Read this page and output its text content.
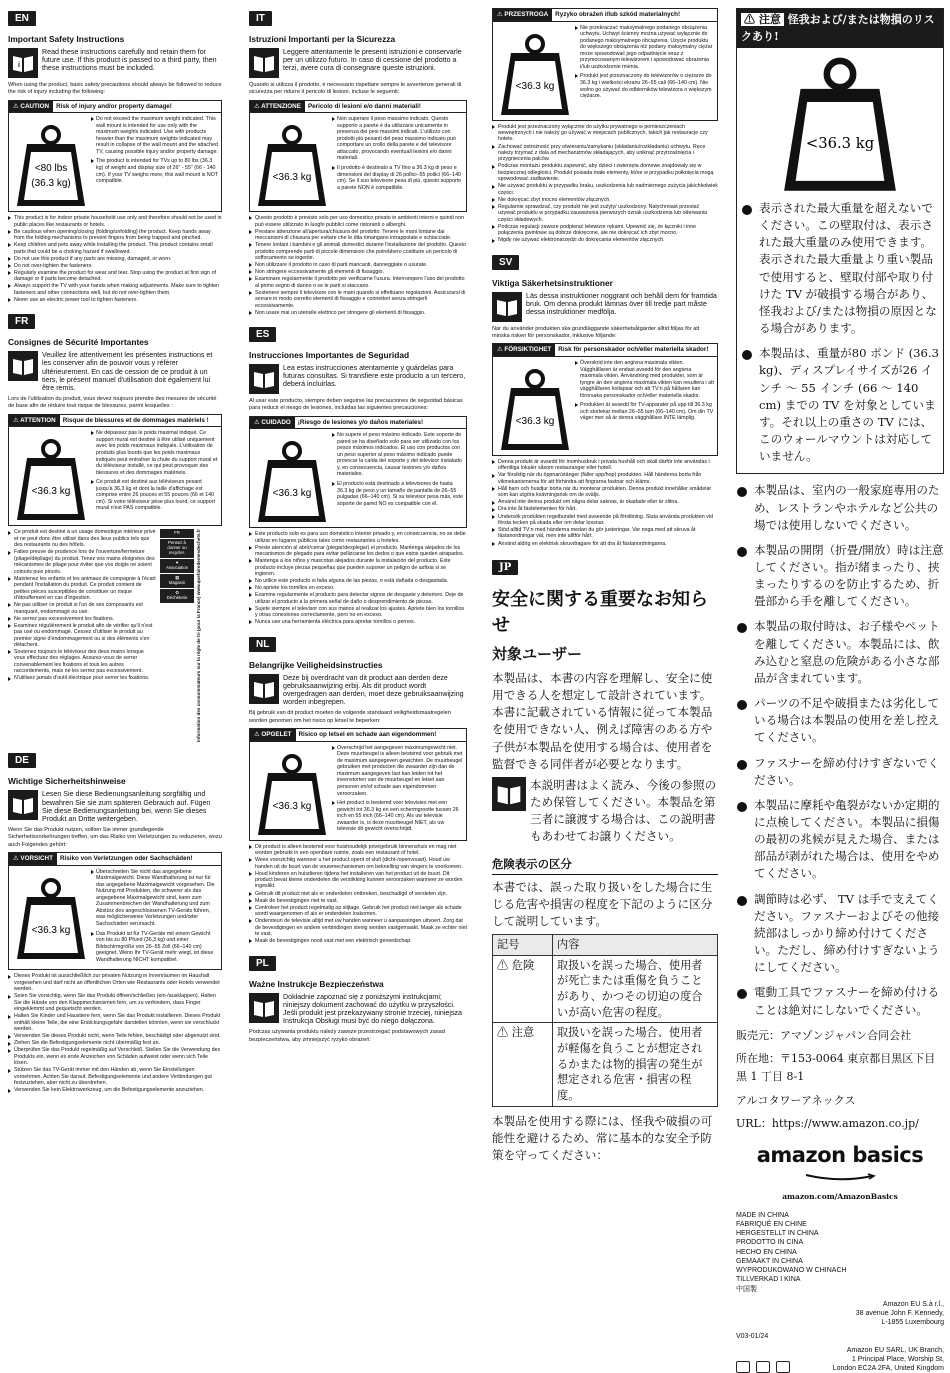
EN
Important Safety Instructions
i
Read these instructions carefully and retain them for future use. If this product is passed to a third party, then these instructions must be included.
When using the product, basic safety precautions should always be followed to reduce the risk of injury including the following:
⚠ CAUTION	Risk of injury and/or property damage!
<80 lbs
(36.3 kg)

Do not exceed the maximum weight indicated. This wall mount is intended for use only with the maximum weights indicated. Use with products heavier than the maximum weights indicated may result in collapse of the wall mount and the attached TV, causing possible injury and/or property damage.

The product is intended for TVs up to 80 lbs (36.3 kg) of weight and display size of 26" - 55" (66 - 140 cm). If your TV weighs more, this wall mount is NOT compatible.

This product is for indoor private household use only and therefore should not be used in public places like restaurants or hotels.
Be cautious when opening/closing (folding/unfolding) the product. Keep hands away from the folding mechanisms to prevent fingers from being trapped and pinched.
Keep children and pets away while installing the product. This product contains small parts that could be a choking hazard if swallowed.
Do not use this product if any parts are missing, damaged, or worn.
Do not over-tighten the fasteners.
Regularly examine the product for wear and tear. Stop using the product at first sign of damage or if parts become detached.
Always support the TV with your hands when making adjustments. Make sure to tighten fasteners and other connections well, but do not over-tighten them.
Never use an electric power tool to tighten fasteners.
FR
Consignes de Sécurité Importantes
Veuillez lire attentivement les présentes instructions et les conserver afin de pouvoir vous y référer ultérieurement. En cas de cession de ce produit à un tiers, le présent manuel d'utilisation doit également lui être remis.
Lors de l'utilisation du produit, vous devez toujours prendre des mesures de sécurité de base afin de réduire tout risque de blessures, parmi lesquelles :
⚠ ATTENTION	Risque de blessures et de dommages matériels !
<36.3 kg

Ne dépassez pas le poids maximal indiqué. Ce support mural est destiné à être utilisé uniquement avec les poids maximaux indiqués. L'utilisation de produits plus lourds que les poids maximaux indiqués peut entraîner la chute du support mural et du téléviseur installé, ce qui peut provoquer des blessures et des dommages matériels.

Ce produit est destiné aux téléviseurs pesant jusqu'à 36,3 kg et dont la taille d'affichage est comprise entre 26 pouces et 55 pouces (66 et 140 cm). Si votre téléviseur pèse plus lourd, ce support mural n'est PAS compatible.

Ce produit est destiné à un usage domestique intérieur privé et ne peut donc être utilisé dans des lieux publics tels que des restaurants ou des hôtels.
Faites preuve de prudence lors de l'ouverture/fermeture (pliage/dépliage) du produit. Tenez vos mains éloignées des mécanismes de pliage pour éviter que vos doigts ne soient coincés puis pincés.
Maintenez les enfants et les animaux de compagnie à l'écart pendant l'installation du produit. Ce produit contient de petites pièces susceptibles de constituer un risque d'étouffement en cas d'ingestion.
Ne pas utiliser ce produit si l'un de ses composants est manquant, endommagé ou usé.
Ne serrez pas excessivement les fixations.
Examinez régulièrement le produit afin de vérifier qu'il n'est pas usé ou endommagé. Cessez d'utiliser le produit au premier signe d'endommagement ou si des éléments s'en détachent.
Soutenez toujours le téléviseur des deux mains lorsque vous effectuez des réglages. Assurez-vous de serrer convenablement les fixations et tous les autres raccordements, mais ne les serrez pas excessivement.
N'utilisez jamais d'outil électrique pour serrer les fixations.
FR
Pensez à donner ou recycler.
♥
Association
▦
Magasin
♻
Déchèterie	Information des consommateurs sur la règle de tri (pour la France) www.quefairedemesdechets.fr
DE
Wichtige Sicherheitshinweise
Lesen Sie diese Bedienungsanleitung sorgfältig und bewahren Sie sie zum späteren Gebrauch auf. Fügen Sie diese Bedienungsanleitung bei, wenn Sie dieses Produkt an Dritte weitergeben.
Wenn Sie das Produkt nutzen, sollten Sie immer grundlegende Sicherheitsvorkehrungen treffen, um das Risiko von Verletzungen zu reduzieren, wozu auch Folgendes gehört:
⚠ VORSICHT	Risiko von Verletzungen oder Sachschäden!
<36.3 kg

Überschreiten Sie nicht das angegebene Maximalgewicht. Diese Wandhalterung ist nur für das angegebene Maximalgewicht vorgesehen. Die Nutzung mit Produkten, die schwerer als das angegebene Maximalgewicht sind, kann zum Zusammenbrechen der Wandhalterung und zum Abstürz des angeschlossenen TV-Geräts führen, was möglicherweise Verletzungen und/oder Sachschäden verursacht.

Das Produkt ist für TV-Geräte mit einem Gewicht von bis zu 80 Pfund (36,3 kg) und einer Bildschirmgröße von 26–55 Zoll (66–140 cm) geeignet. Wenn Ihr TV-Gerät mehr wiegt, ist diese Wandhalterung NICHT kompatibel.

Dieses Produkt ist ausschließlich zur privaten Nutzung in Innenräumen im Haushalt vorgesehen und darf nicht an öffentlichen Orten wie Restaurants oder Hotels verwendet werden.
Seien Sie vorsichtig, wenn Sie das Produkt öffnen/schließen (ein-/ausklappen). Halten Sie die Hände von den Klappmechanismen fern, um zu verhindern, dass Finger eingeklemmt und gequetscht werden.
Halten Sie Kinder und Haustiere fern, wenn Sie das Produkt installieren. Dieses Produkt enthält kleine Teile, die eine Erstickungsgefahr darstellen könnten, wenn sie verschluckt werden.
Verwenden Sie dieses Produkt nicht, wenn Teile fehlen, beschädigt oder abgenutzt sind.
Ziehen Sie die Befestigungselemente nicht übermäßig fest an.
Überprüfen Sie das Produkt regelmäßig auf Verschleiß. Stellen Sie die Verwendung des Produkts ein, wenn es erste Anzeichen von Schäden aufweist oder wenn sich Teile lösen.
Stützen Sie das TV-Gerät immer mit den Händen ab, wenn Sie Einstellungen vornehmen. Achten Sie darauf, Befestigungselemente und andere Verbindungen gut festzuziehen, aber nicht zu überdrehen.
Verwenden Sie kein Elektrowerkzeug, um die Befestigungselemente anzuziehen.
IT
Istruzioni Importanti per la Sicurezza
Leggere attentamente le presenti istruzioni e conservarle per un utilizzo futuro. In caso di cessione del prodotto a terzi, avere cura di consegnare queste istruzioni.
Quando si utilizza il prodotto, è necessario rispettare sempre le avvertenze generali di sicurezza per ridurre il pericolo di lesioni, incluse le seguenti:
⚠ ATTENZIONE	Pericolo di lesioni e/o danni materiali!
<36.3 kg

Non superare il peso massimo indicato. Questo supporto a parete è da utilizzarsi unicamente in presenza dei pesi massimi indicati. L'utilizzo con prodotti più pesanti del peso massimo indicato può comportare un crollo della parete e del televisore attaccato, provocando eventuali lesioni e/o danni materiali.

Il prodotto è destinato a TV fino a 36.3 kg di peso e dimensioni del display di 26 pollici–55 pollici (66–140 cm). Se il suo televisore pesa di più, questo supporto a parete NON è compatibile.

Questo prodotto è previsto solo per uso domestico privato in ambienti interni e quindi non può essere utilizzato in luoghi pubblici come ristoranti o alberghi.
Prestare attenzione all'apertura/chiusura del prodotto. Tenere le mani lontane dai meccanismi di chiusura per evitare che le dita rimangano intrappolate e schiacciate.
Tenere lontani i bambini e gli animali domestici durante l'installazione del prodotto. Questo prodotto comprende parti di piccole dimensioni che potrebbero costituire un pericolo di soffocamento se ingerite.
Non utilizzare il prodotto in caso di parti mancanti, danneggiate o usurate.
Non stringere eccessivamente gli elementi di fissaggio.
Esaminare regolarmente il prodotto per verificarne l'usura. Interrompere l'uso del prodotto al primo segno di danno o se le parti si staccano.
Sostenere sempre il televisore con le mani quando si effettuano regolazioni. Assicurarsi di serrare in modo corretto elementi di fissaggio e connettori senza stringerli eccessivamente.
Non usare mai un utensile elettrico per stringere gli elementi di fissaggio.
ES
Instrucciones Importantes de Seguridad
Lea estas instrucciones atentamente y guárdelas para futuras consultas. Si transfiere este producto a un tercero, deberá incluirlas.
Al usar este producto, siempre deben seguirse las precauciones de seguridad básicas para reducir el riesgo de lesiones, incluidas las siguientes precauciones:
⚠ CUIDADO	¡Riesgo de lesiones y/o daños materiales!
<36.3 kg

No supere el peso máximo indicado. Este soporte de pared se ha diseñado solo para ser utilizado con los pesos máximos indicados. El uso con productos con un peso superior al peso máximo indicado puede provocar la caída del soporte y del televisor instalado y, en consecuencia, causar lesiones y/o daños materiales.

El producto está destinado a televisores de hasta 36.3 kg de peso y un tamaño de pantalla de 26–55 pulgadas (66–140 cm). Si su televisor pesa más, este soporte de pared NO es compatible con él.

Este producto solo es para uso doméstico interior privado y, en consecuencia, no se debe utilizar en lugares públicos tales como restaurantes u hoteles.
Preste atención al abrir/cerrar (plegar/desplegar) el producto. Mantenga alejados de los mecanismos de plegado para evitar pellizcarse los dedos o que estos queden atrapados.
Mantenga a los niños y mascotas alejados durante la instalación del producto. Este producto incluye piezas pequeñas que pueden suponer un peligro de asfixia si se ingieren.
No utilice este producto si falta alguna de las piezas, o está dañada o desgastada.
No apriete los tornillos en exceso.
Examine regularmente el producto para detectar signos de desgaste y deterioro. Deje de utilizar el producto a la primera señal de daño o desprendimiento de piezas.
Sujete siempre el televisor con sus manos al realizar los ajustes. Apriete bien los tornillos y otras conexiones correctamente, pero no en exceso.
Nunca use una herramienta eléctrica para apretar tornillos o pernos.
NL
Belangrijke Veiligheidsinstructies
Deze bij overdracht van dit product aan derden deze gebruiksaanwijzing erbij. Als dit product wordt overgedragen aan derden, moet deze gebruiksaanwijzing worden inbegrepen.
Bij gebruik van dit product moeten de volgende standaard veiligheidsmaatregelen worden genomen om het risico op letsel te beperken:
⚠ OPGELET	Risico op letsel en schade aan eigendommen!
<36.3 kg

Overschrijd het aangegeven maximumgewicht niet. Deze muurbeugel is alleen bestemd voor gebruik met de maximum aangegeven gewichten. De muurbeugel gebruiken met producten die zwaarder zijn dan de maximum aangegeven last kan leiden tot het ineenstorten van de muurbeugel en letsel aan personen en/of schade aan eigendommen veroorzaken.

Het product is bestemd voor televisies met een gewicht tot 36.3 kg en een schermgrootte tussen 26 inch en 55 inch (66–140 cm). Als uw televisie zwaarder is, is deze muurbeugel NIET, als uw televisie dit gewicht overschrijdt.

Dit product is alleen bestemd voor huishoudelijk privégebruik binnenshuis en mag niet worden gebruikt in een openbare ruimte, zoals een restaurant of hotel.
Wees voorzichtig wanneer u het product opent of sluit (dicht-/openvouwt). Houd uw handen uit de buurt van de vouwmechanismen om beknelling van vingers te voorkomen.
Houd kinderen en huisdieren tijdens het installeren van het product uit de buurt. Dit product bevat kleine onderdelen die verstikking kunnen veroorzaken wanneer ze worden ingeslikt.
Gebruik dit product niet als er onderdelen ontbreken, beschadigd of versleten zijn.
Maak de bevestigingen niet te vast.
Controleer het product regelmatig op slijtage. Gebruik het product niet langer als schade wordt waargenomen of als er onderdelen loskomen.
Ondersteun de televisie altijd met uw handen wanneer u aanpassingen uitvoert. Zorg dat de bevestigingen en andere verbindingen stevig worden vastgemaakt. Maak ze echter niet te vast.
Maak de bevestigingen nooit vast met een elektrisch gereedschap.
PL
Ważne Instrukcje Bezpieczeństwa
Dokładnie zapoznać się z poniższymi instrukcjami; niniejszy dokument zachować do użytku w przyszłości. Jeśli produkt jest przekazywany stronie trzeciej, niniejsza Instrukcja Obsługi musi być do niego dołączona.
Podczas używania produktu należy zawsze przestrzegać podstawowych zasad bezpieczeństwa, aby zmniejszyć ryzyko obrażeń:
⚠ PRZESTROGA	Ryzyko obrażeń i/lub szkód materialnych!
<36.3 kg

Nie przekraczać maksymalnego podanego obciążenia uchwytu. Uchwyt ścienny można używać wyłącznie do podanego maksymalnego obciążenia. Użycie produktu do większego obciążenia niż podany maksymalny ciężar może spowodować jego odpadnięcie wraz z przymocowanym telewizorem i spowodować obrażenia i/lub uszkodzenie mienia.

Produkt jest przeznaczony do telewizorów o ciężarze do 36.3 kg i wielkości ekranu 26–55 cali (66–140 cm). Nie wolno go używać do odbiorników telewizora o większym ciężarze.

Produkt jest przeznaczony wyłącznie do użytku prywatnego w pomieszczeniach wewnętrznych i nie należy go używać w miejscach publicznych, takich jak restauracje czy hotele.
Zachować ostrożność przy otwieraniu/zamykaniu (składaniu/rozkładaniu) uchwytu. Ręce należy trzymać z dala od mechanizmów składających, aby uniknąć przytrzaśnięcia i przygniecenia palców.
Podczas montażu produktu zapewnić, aby dzieci i zwierzęta domowe znajdowały się w bezpiecznej odległości. Produkt posiada małe elementy, które w przypadku połknięcia mogą spowodować zadławienie.
Nie używać produktu w przypadku braku, uszkodzenia lub nadmiernego zużycia jakichkolwiek części.
Nie dokręcać zbyt mocno elementów złącznych.
Regularnie sprawdzać, czy produkt nie jest zużyty/ uszkodzony. Natychmiast przestać używać produktu w przypadku zauważenia pierwszych oznak uszkodzenia lub oderwania części składowych.
Podczas regulacji zawsze podpierać telewizor rękami. Upewnić się, że łączniki i inne połączenia gwintowe są dobrze dokręcone, ale nie dokręcać ich zbyt mocno.
Nigdy nie używać elektronarzędzi do dokręcania elementów złącznych.
SV
Viktiga Säkerhetsinstruktioner
Läs dessa instruktioner noggrant och behåll dem för framtida bruk. Om denna produkt lämnas över till tredje part måste dessa instruktioner medfölja.
När du använder produkten ska grundläggande säkerhetsåtgärder alltid följas för att minska risken för personskador, inklusive följande:
⚠ FÖRSIKTIGHET	Risk för personskador och/eller materiella skador!
<36.3 kg

Överskrid inte den angivna maximala vikten. Vägghållaren är endast avsedd för den angivna maximala vikten. Användning med produkter, som är tyngre än den angivna maximala vikten kan resultera i att vägghållaren kollapsar och att TV:n på hållaren kan förorsaka personskador och/eller materiella skador.

Produkten är avsedd för TV-apparater på upp till 36.3 kg och storlekar mellan 26–55 tum (66–140 cm). Om din TV väger mer så är denna vägghållare INTE lämplig.

Denna produkt är avsedd för inomhusbruk i privata hushåll och skall därför inte användas i offentliga lokaler såsom restauranger eller hotell.
Var försiktig när du öppnar/stänger (fäller upp/hop) produkten. Håll händerna borta från vikmekanismerna för att förhindra att fingrarna fastnar och kläms.
Håll barn och husdjur borta när du monterar produkten. Denna produkt innehåller smådelar som kan utgöra kvävningsrisk om de sväljs.
Använd inte denna produkt om några delar saknas, är skadade eller är slitna.
Dra inte åt fästelementen för hårt.
Undersök produkten regelbundet med avseende på förslitning. Sluta använda produkten vid första tecken på skada eller om delar lossnar.
Stöd alltid TV:n med händerna medan du gör justeringar. Var noga med att skruva åt fästanordningar väl, men inte alltför hårt.
Använd aldrig en elektrisk skruvdragare för att dra åt fästanordningarna.
JP
安全に関する重要なお知らせ
対象ユーザー
本製品は、本書の内容を理解し、安全に使用できる人を想定して設計されています。本書に記載されている情報に従って本製品を使用できない人、例えば障害のある方や子供が本製品を使用する場合は、使用者を監督できる同伴者が必要となります。
本説明書はよく読み、今後の参照のため保管してください。本製品を第三者に譲渡する場合は、この説明書もあわせてお譲りください。
危険表示の区分
本書では、誤った取り扱いをした場合に生じる危害や損害の程度を下記のように区分して説明しています。
記号	内容
⚠ 危険	取扱いを誤った場合、使用者が死亡または重傷を負うことがあり、かつその切迫の度合いが高い危害の程度。
⚠ 注意	取扱いを誤った場合、使用者が軽傷を負うことが想定されるかまたは物的損害の発生が想定される危害・損害の程度。
本製品を使用する際には、怪我や破損の可能性を避けるため、常に基本的な安全予防策を守ってください：
⚠ 注意 怪我および/または物損のリスクあり!
<36.3 kg
表示された最大重量を超えないでください。この壁取付は、表示された最大重量のみ使用できます。表示された最大重量より重い製品で使用すると、壁取付部や取り付けた TV が破損する場合があり、怪我および/または物損の原因となる場合があります。
本製品は、重量が80 ポンド (36.3 kg)、ディスプレイサイズが26 インチ ～ 55 インチ (66 ～ 140 cm) までの TV を対象としています。それ以上の重さの TV には、このウォールマウントは対応していません。
本製品は、室内の一般家庭専用のため、レストランやホテルなど公共の場では使用しないでください。
本製品の開閉（折畳/開放）時は注意してください。指が緒まったり、挟まったりするのを防止するため、折畳部から手を離してください。
本製品の取付時は、お子様やペットを離してください。本製品には、飲み込むと窒息の危険がある小さな部品が含まれています。
パーツの不足や破損または劣化している場合は本製品の使用を差し控えてください。
ファスナーを締め付けすぎないでください。
本製品に摩耗や亀裂がないか定期的に点検してください。本製品に損傷の最初の兆候が見えた場合、または部品が剥がれた場合は、使用をやめてください。
調節時は必ず、 TV は手で支えてください。ファスナーおよびその他接続部はしっかり締め付けてください。ただし、締め付けすぎないようにしてください。
電動工具でファスナーを締め付けることは絶対にしないでください。
販売元：アマゾンジャパン合同会社
所在地：〒153-0064 東京都目黒区下目黒 1 丁目 8-1
アルコタワーアネックス
URL：https://www.amazon.co.jp/
amazon basics
amazon.com/AmazonBasics
MADE IN CHINA
FABRIQUÉ EN CHINE
HERGESTELLT IN CHINA
PRODOTTO IN CINA
HECHO EN CHINA
GEMAAKT IN CHINA
WYPRODUKOWANO W CHINACH
TILLVERKAD I KINA
中国製
Amazon EU S.à r.l.,
38 avenue John F. Kennedy,
L-1855 Luxembourg
V03-01/24
Amazon EU SARL, UK Branch,
1 Principal Place, Worship St,
London EC2A 2FA, United Kingdom
